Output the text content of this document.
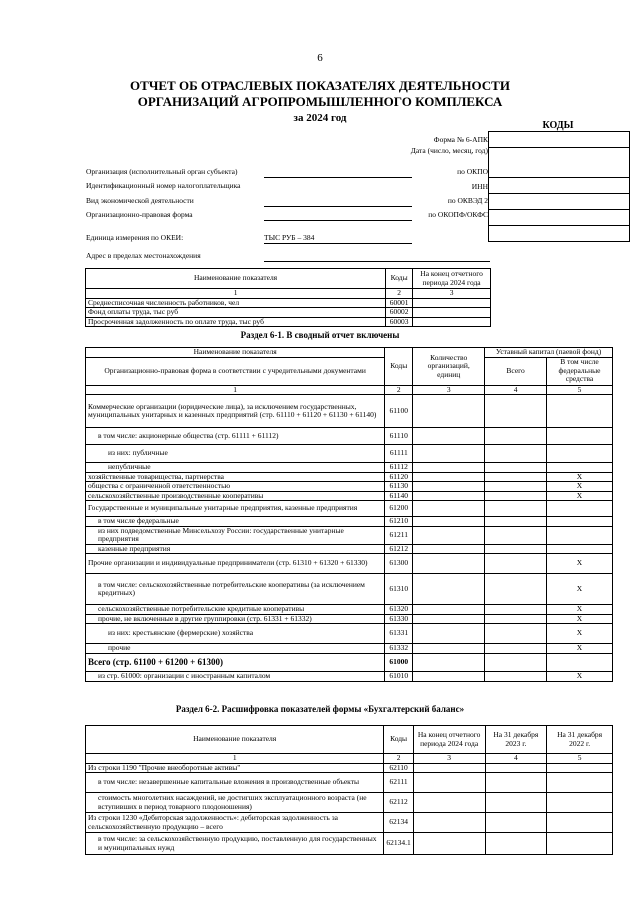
6
ОТЧЕТ ОБ ОТРАСЛЕВЫХ ПОКАЗАТЕЛЯХ ДЕЯТЕЛЬНОСТИ
ОРГАНИЗАЦИЙ АГРОПРОМЫШЛЕННОГО КОМПЛЕКСА
за 2024 год
КОДЫ
Форма № 6-АПК
Дата (число, месяц, год)
по ОКПО
ИНН
по ОКВЭД 2
по ОКОПФ/ОКФС
Организация (исполнительный орган субъекта)
Идентификационный номер налогоплательщика
Вид экономической деятельности
Организационно-правовая форма
Единица измерения по ОКЕИ:	ТЫС РУБ – 384
Адрес в пределах местонахождения
Наименование показателя	Коды	На конец отчетного периода 2024 года
1	2	3
Среднесписочная численность работников, чел	60001	
Фонд оплаты труда, тыс руб	60002	
Просроченная задолженность по оплате труда, тыс руб	60003	
Раздел 6-1. В сводный отчет включены
Наименование показателя	Коды	Количество организаций, единиц	Уставный капитал (паевой фонд)	
Организационно-правовая форма в соответствии с учредительными документами			Всего	В том числе федеральные средства
1	2	3	4	5
Коммерческие организации (юридические лица), за исключением государственных, муниципальных унитарных и казенных предприятий (стр. 61110 + 61120 + 61130 + 61140)	61100			
в том числе: акционерные общества (стр. 61111 + 61112)	61110			
из них: публичные	61111			
непубличные	61112			
хозяйственные товарищества, партнерства	61120			X
общества с ограниченной ответственностью	61130			X
сельскохозяйственные производственные кооперативы	61140			X
Государственные и муниципальные унитарные предприятия, казенные предприятия	61200			
в том числе федеральные	61210			
из них подведомственные Минсельхозу России: государственные унитарные предприятия	61211			
казенные предприятия	61212			
Прочие организации и индивидуальные предприниматели (стр. 61310 + 61320 + 61330)	61300			X
в том числе: сельскохозяйственные потребительские кооперативы (за исключением кредитных)	61310			X
сельскохозяйственные потребительские кредитные кооперативы	61320			X
прочие, не включенные в другие группировки (стр. 61331 + 61332)	61330			X
из них: крестьянские (фермерские) хозяйства	61331			X
прочие	61332			X
Всего (стр. 61100 + 61200 + 61300)	61000			
из стр. 61000: организации с иностранным капиталом	61010			X
Раздел 6-2. Расшифровка показателей формы «Бухгалтерский баланс»
Наименование показателя	Коды	На конец отчетного периода 2024 года	На 31 декабря 2023 г.	На 31 декабря 2022 г.
1	2	3	4	5
Из строки 1190 "Прочие внеоборотные активы"	62110			
в том числе: незавершенные капитальные вложения в производственные объекты	62111			
стоимость многолетних насаждений, не достигших эксплуатационного возраста (не вступивших в период товарного плодоношения)	62112			
Из строки 1230 «Дебиторская задолженность»: дебиторская задолженность за сельскохозяйственную продукцию – всего	62134			
в том числе: за сельскохозяйственную продукцию, поставленную для государственных и муниципальных нужд	62134.1			
